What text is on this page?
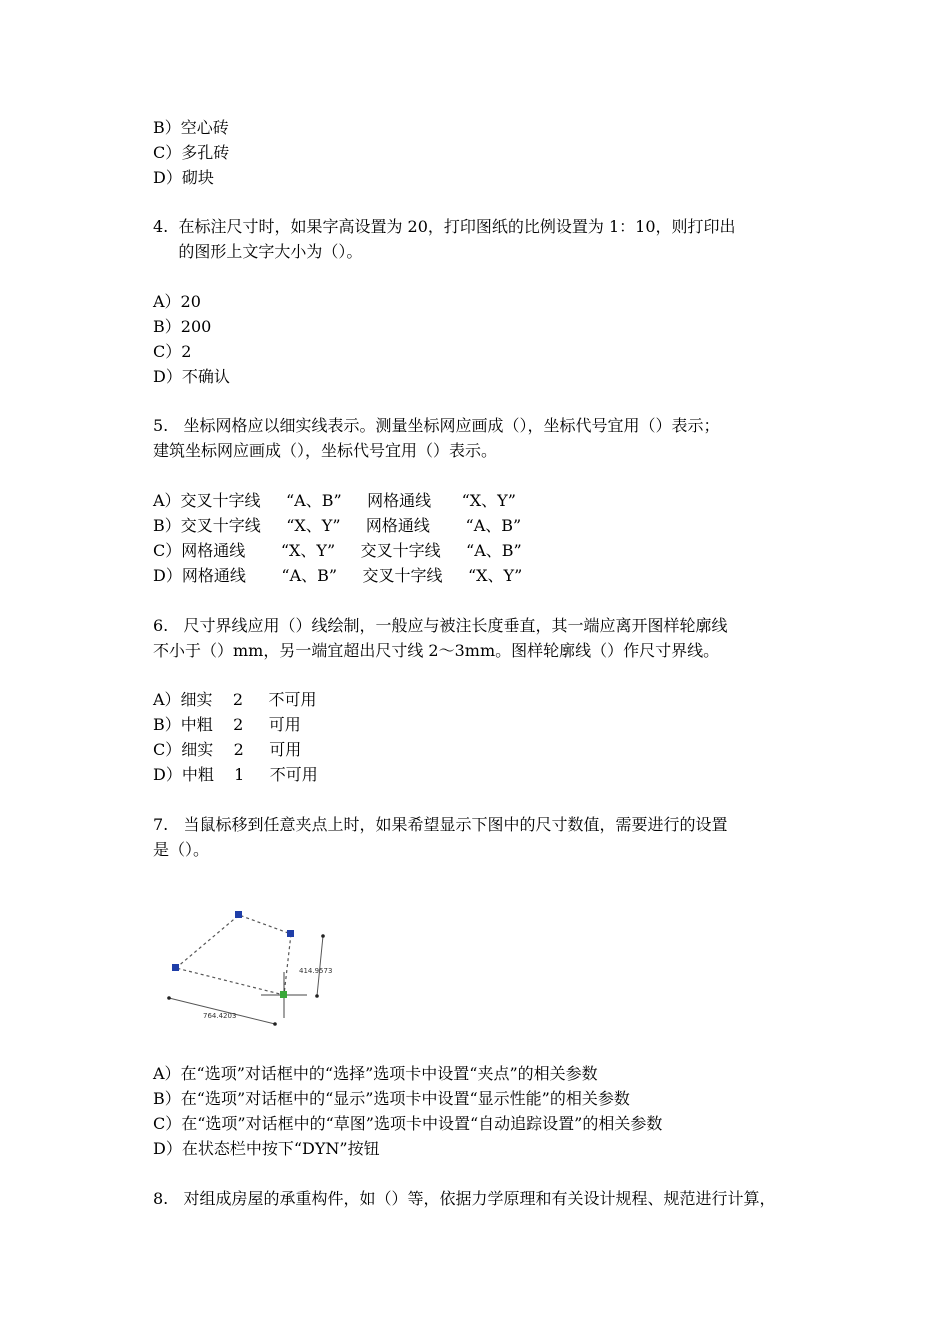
B）空心砖
C）多孔砖
D）砌块
4.  在标注尺寸时，如果字高设置为 20，打印图纸的比例设置为 1：10，则打印出
的图形上文字大小为（）。
A）20
B）200
C）2
D）不确认
5.   坐标网格应以细实线表示。测量坐标网应画成（），坐标代号宜用（）表示；
建筑坐标网应画成（），坐标代号宜用（）表示。
A）交叉十字线     “A、B”     网格通线      “X、Y”
B）交叉十字线     “X、Y”     网格通线       “A、B”
C）网格通线       “X、Y”     交叉十字线     “A、B”
D）网格通线       “A、B”     交叉十字线     “X、Y”
6.   尺寸界线应用（）线绘制，一般应与被注长度垂直，其一端应离开图样轮廓线
不小于（）mm，另一端宜超出尺寸线 2～3mm。图样轮廓线（）作尺寸界线。
A）细实    2     不可用
B）中粗    2     可用
C）细实    2     可用
D）中粗    1     不可用
7.   当鼠标移到任意夹点上时，如果希望显示下图中的尺寸数值，需要进行的设置
是（）。
414.9573
764.4203
A）在“选项”对话框中的“选择”选项卡中设置“夹点”的相关参数
B）在“选项”对话框中的“显示”选项卡中设置“显示性能”的相关参数
C）在“选项”对话框中的“草图”选项卡中设置“自动追踪设置”的相关参数
D）在状态栏中按下“DYN”按钮
8.   对组成房屋的承重构件，如（）等，依据力学原理和有关设计规程、规范进行计算，
